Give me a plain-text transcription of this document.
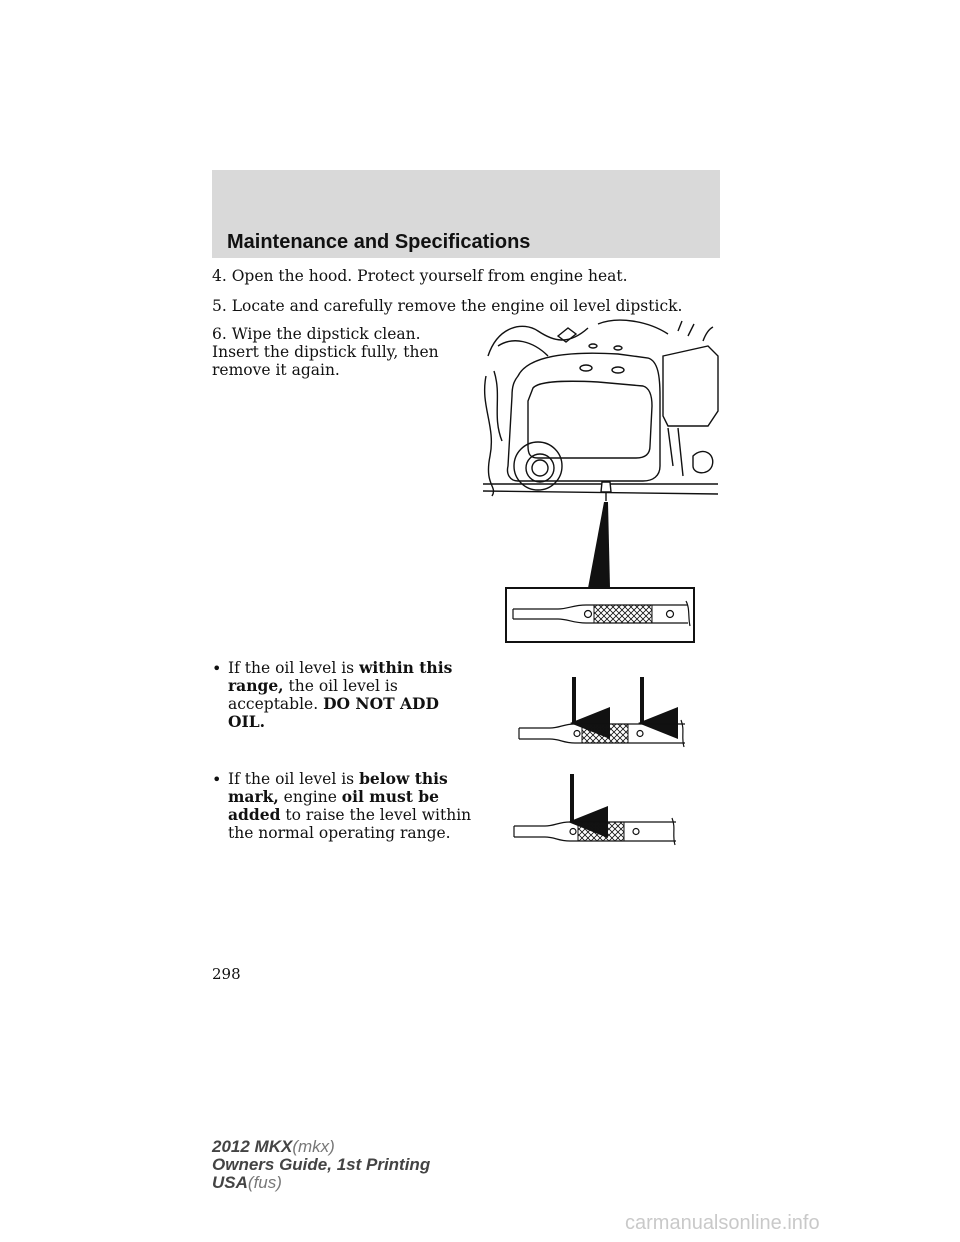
Maintenance and Specifications
4. Open the hood. Protect yourself from engine heat.
5. Locate and carefully remove the engine oil level dipstick.
6. Wipe the dipstick clean. Insert the dipstick fully, then remove it again.
• If the oil level is within this range, the oil level is acceptable. DO NOT ADD OIL.
• If the oil level is below this mark, engine oil must be added to raise the level within the normal operating range.
298
2012 MKX(mkx)
Owners Guide, 1st Printing
USA(fus)
carmanualsonline.info
